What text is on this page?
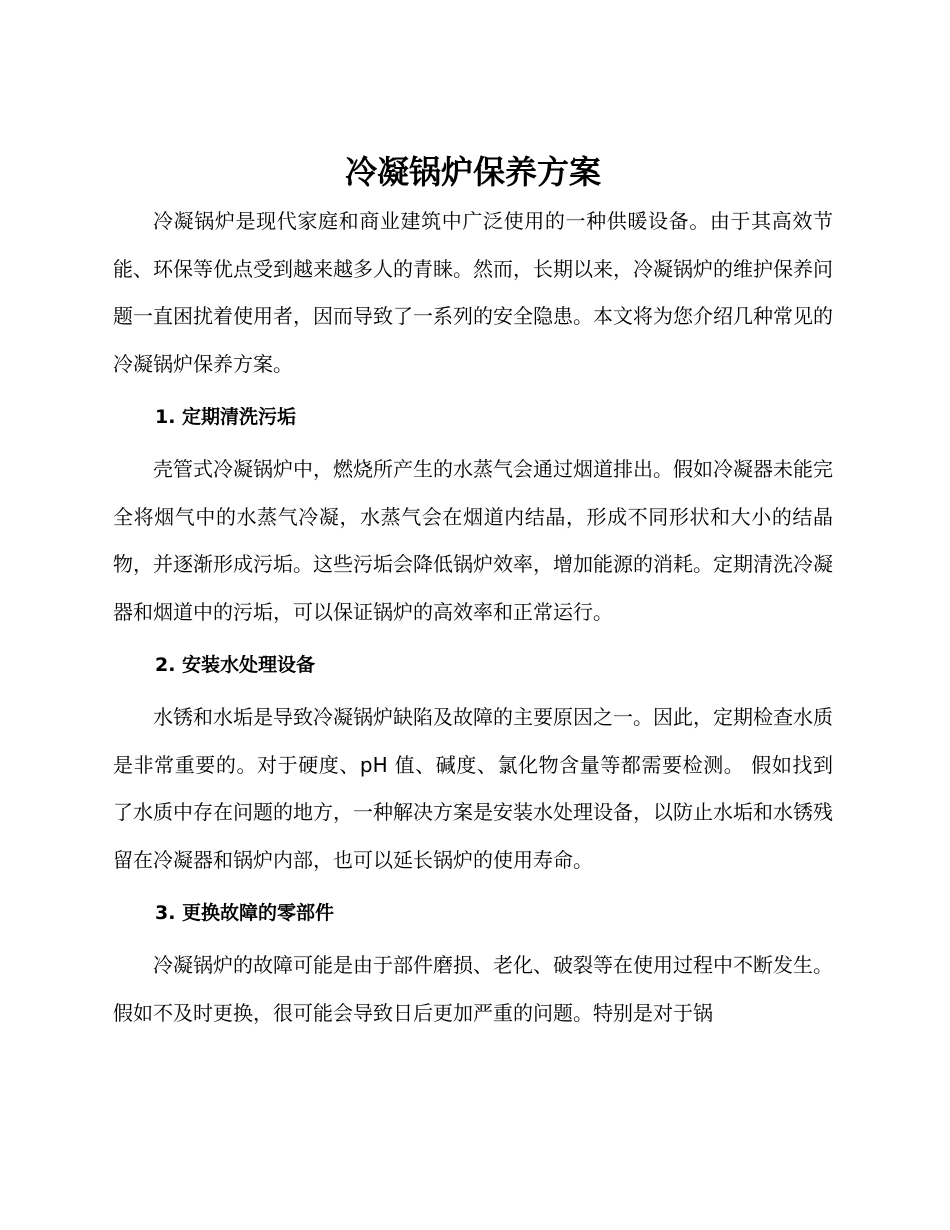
冷凝锅炉保养方案

冷凝锅炉是现代家庭和商业建筑中广泛使用的一种供暖设备。由于其高效节能、环保等优点受到越来越多人的青睐。然而，长期以来，冷凝锅炉的维护保养问题一直困扰着使用者，因而导致了一系列的安全隐患。本文将为您介绍几种常见的冷凝锅炉保养方案。

1. 定期清洗污垢

壳管式冷凝锅炉中，燃烧所产生的水蒸气会通过烟道排出。假如冷凝器未能完全将烟气中的水蒸气冷凝，水蒸气会在烟道内结晶，形成不同形状和大小的结晶物，并逐渐形成污垢。这些污垢会降低锅炉效率，增加能源的消耗。定期清洗冷凝器和烟道中的污垢，可以保证锅炉的高效率和正常运行。

2. 安装水处理设备

水锈和水垢是导致冷凝锅炉缺陷及故障的主要原因之一。因此，定期检查水质是非常重要的。对于硬度、pH 值、碱度、氯化物含量等都需要检测。 假如找到了水质中存在问题的地方，一种解决方案是安装水处理设备，以防止水垢和水锈残留在冷凝器和锅炉内部，也可以延长锅炉的使用寿命。

3. 更换故障的零部件

冷凝锅炉的故障可能是由于部件磨损、老化、破裂等在使用过程中不断发生。假如不及时更换，很可能会导致日后更加严重的问题。特别是对于锅
